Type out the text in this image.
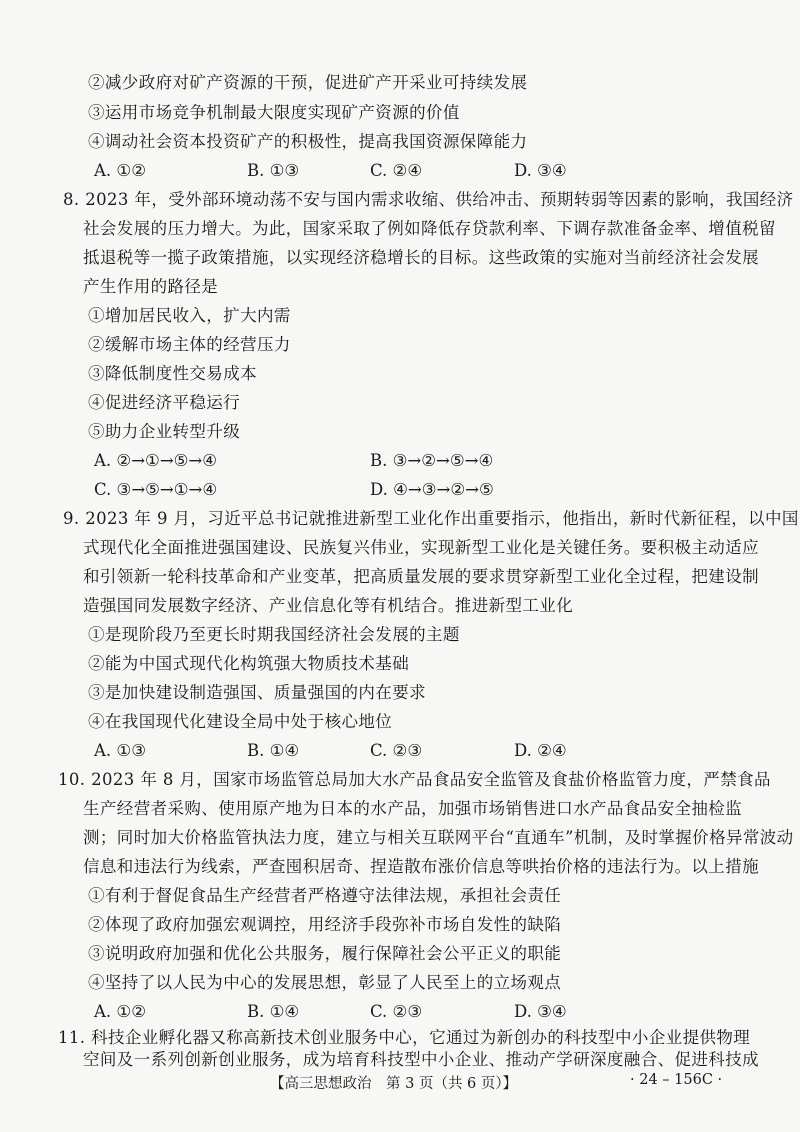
②减少政府对矿产资源的干预，促进矿产开采业可持续发展
③运用市场竞争机制最大限度实现矿产资源的价值
④调动社会资本投资矿产的积极性，提高我国资源保障能力
A. ①②	B. ①③	C. ②④	D. ③④
8. 2023 年，受外部环境动荡不安与国内需求收缩、供给冲击、预期转弱等因素的影响，我国经济
社会发展的压力增大。为此，国家采取了例如降低存贷款利率、下调存款准备金率、增值税留
抵退税等一揽子政策措施，以实现经济稳增长的目标。这些政策的实施对当前经济社会发展
产生作用的路径是
①增加居民收入，扩大内需
②缓解市场主体的经营压力
③降低制度性交易成本
④促进经济平稳运行
⑤助力企业转型升级
A. ②→①→⑤→④	B. ③→②→⑤→④
C. ③→⑤→①→④	D. ④→③→②→⑤
9. 2023 年 9 月，习近平总书记就推进新型工业化作出重要指示，他指出，新时代新征程，以中国
式现代化全面推进强国建设、民族复兴伟业，实现新型工业化是关键任务。要积极主动适应
和引领新一轮科技革命和产业变革，把高质量发展的要求贯穿新型工业化全过程，把建设制
造强国同发展数字经济、产业信息化等有机结合。推进新型工业化
①是现阶段乃至更长时期我国经济社会发展的主题
②能为中国式现代化构筑强大物质技术基础
③是加快建设制造强国、质量强国的内在要求
④在我国现代化建设全局中处于核心地位
A. ①③	B. ①④	C. ②③	D. ②④
10. 2023 年 8 月，国家市场监管总局加大水产品食品安全监管及食盐价格监管力度，严禁食品
生产经营者采购、使用原产地为日本的水产品，加强市场销售进口水产品食品安全抽检监
测；同时加大价格监管执法力度，建立与相关互联网平台“直通车”机制，及时掌握价格异常波动
信息和违法行为线索，严查囤积居奇、捏造散布涨价信息等哄抬价格的违法行为。以上措施
①有利于督促食品生产经营者严格遵守法律法规，承担社会责任
②体现了政府加强宏观调控，用经济手段弥补市场自发性的缺陷
③说明政府加强和优化公共服务，履行保障社会公平正义的职能
④坚持了以人民为中心的发展思想，彰显了人民至上的立场观点
A. ①②	B. ①④	C. ②③	D. ③④
11. 科技企业孵化器又称高新技术创业服务中心，它通过为新创办的科技型中小企业提供物理
空间及一系列创新创业服务，成为培育科技型中小企业、推动产学研深度融合、促进科技成
【高三思想政治　第 3 页（共 6 页）】	· 24 – 156C ·
